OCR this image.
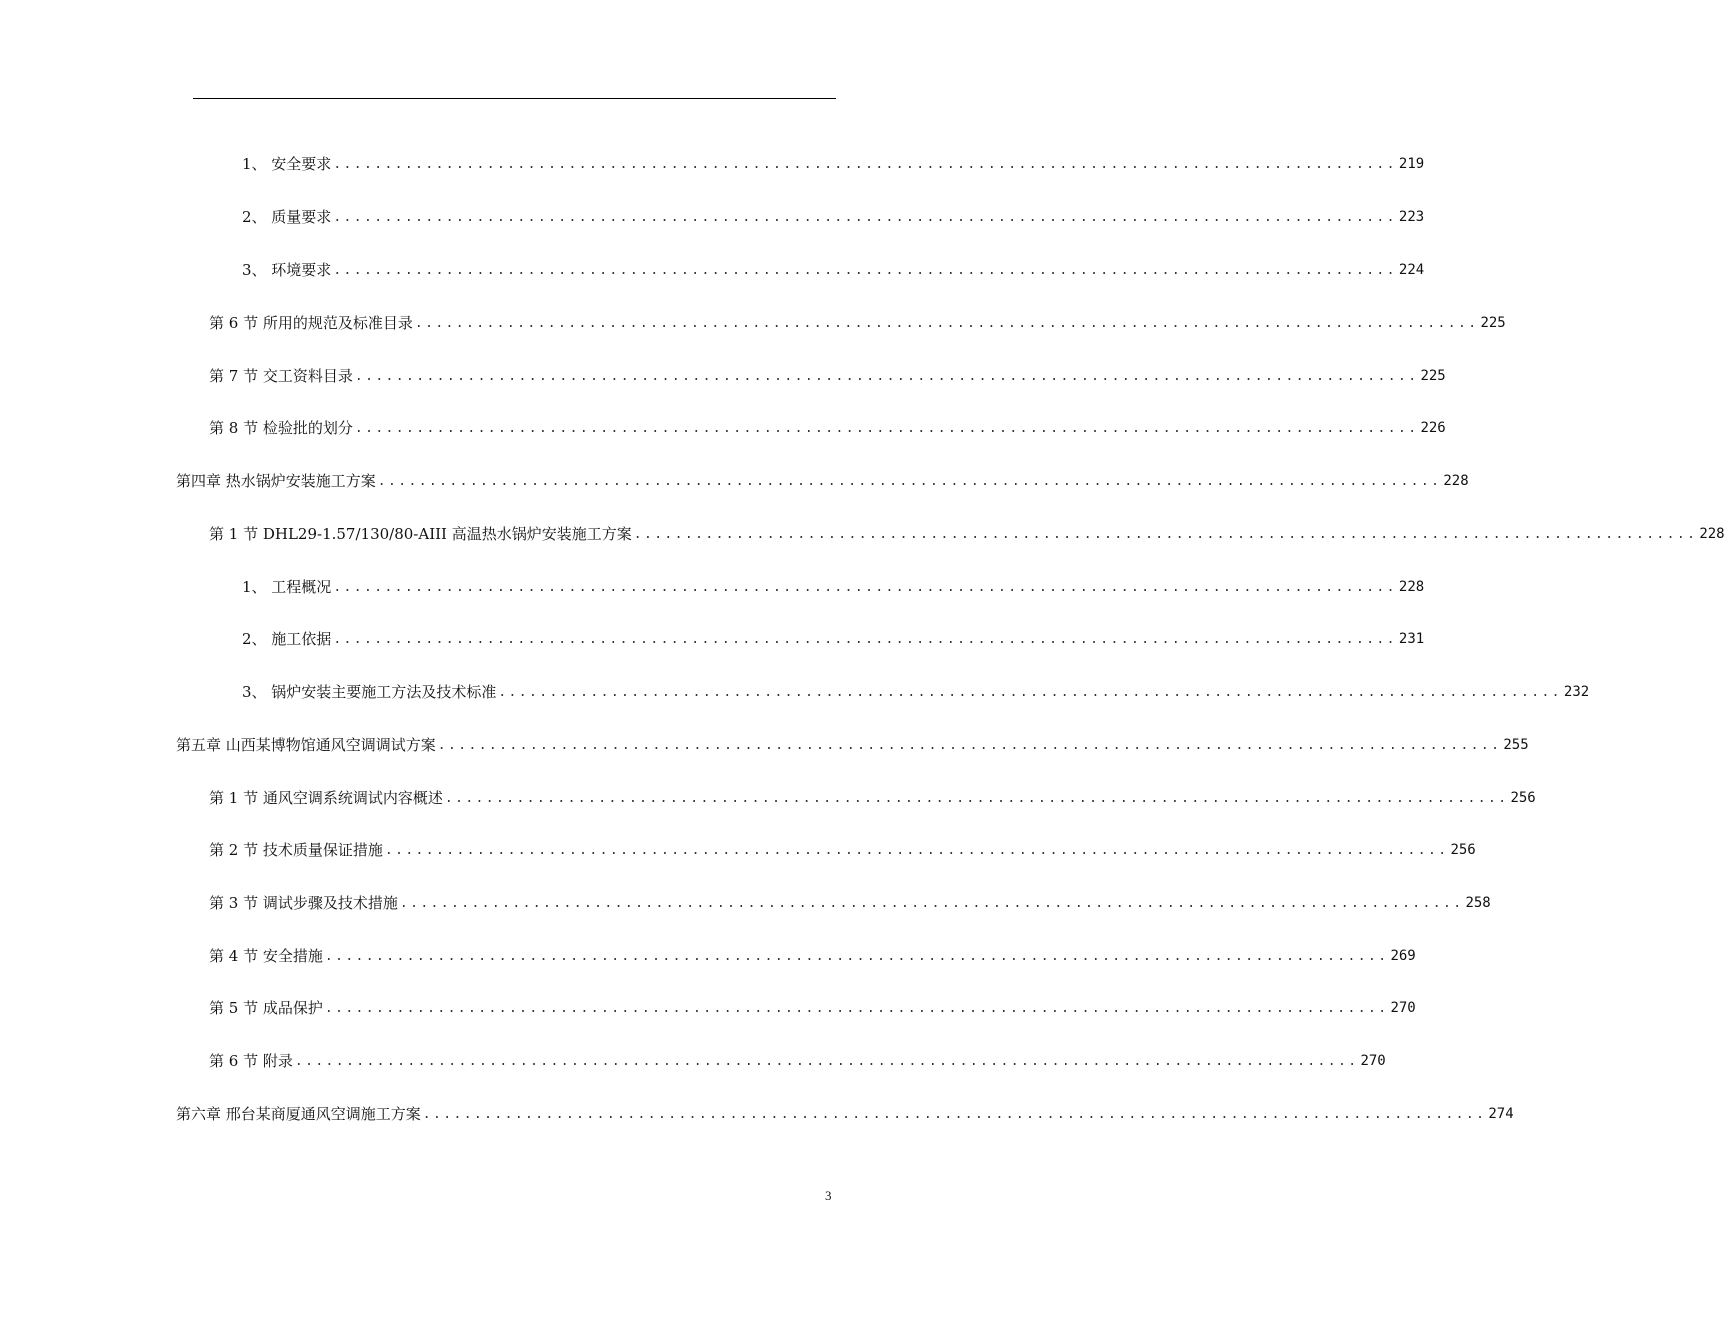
1、 安全要求 ........................................................................................................ 219
2、 质量要求 ........................................................................................................ 223
3、 环境要求 ........................................................................................................ 224
第 6 节 所用的规范及标准目录 ........................................................................................................ 225
第 7 节 交工资料目录 ........................................................................................................ 225
第 8 节 检验批的划分 ........................................................................................................ 226
第四章 热水锅炉安装施工方案 ........................................................................................................ 228
第 1 节 DHL29-1.57/130/80-AIII 高温热水锅炉安装施工方案 ........................................................................................................ 228
1、 工程概况 ........................................................................................................ 228
2、 施工依据 ........................................................................................................ 231
3、 锅炉安装主要施工方法及技术标准 ........................................................................................................ 232
第五章 山西某博物馆通风空调调试方案 ........................................................................................................ 255
第 1 节 通风空调系统调试内容概述 ........................................................................................................ 256
第 2 节 技术质量保证措施 ........................................................................................................ 256
第 3 节 调试步骤及技术措施 ........................................................................................................ 258
第 4 节 安全措施 ........................................................................................................ 269
第 5 节 成品保护 ........................................................................................................ 270
第 6 节 附录 ........................................................................................................ 270
第六章 邢台某商厦通风空调施工方案 ........................................................................................................ 274
3
